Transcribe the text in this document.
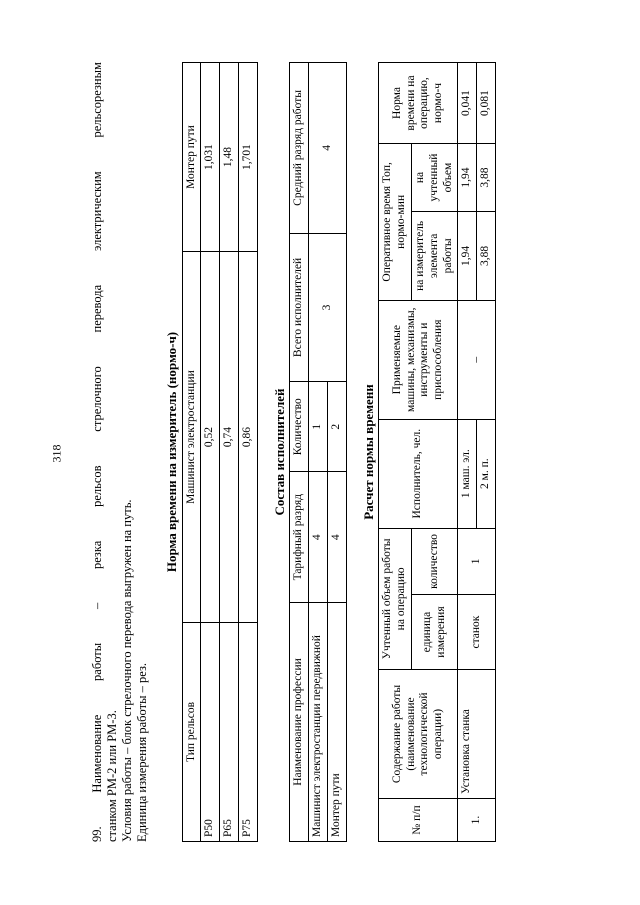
318
99.
Наименование
работы
–
резка
рельсов
стрелочного
перевода
электрическим
рельсорезным

станком РМ-2 или РМ-3. Условия работы – блок стрелочного перевода выгружен на путь. Единица измерения работы – рез.

Норма времени на измеритель (нормо-ч)
Тип рельсов	Машинист электростанции	Монтер пути
Р50	0,52	1,031
Р65	0,74	1,48
Р75	0,86	1,701
Состав исполнителей
Наименование профессии	Тарифный разряд	Количество	Всего исполнителей	Средний разряд работы
Машинист электростанции передвижной	4	1	3	4
Монтер пути	4	2		Расчет нормы времени
№ п/п	Содержание работы (наименование технологической операции)	Учтенный объем работы на операцию		Исполнитель, чел.	Применяемые машины, механизмы, инструменты и приспособления	Оперативное время Топ, нормо-мин		Норма времени на операцию, нормо-ч
		единица измерения	количество			на измеритель элемента работы	на учтенный объем	
1.	Установка станка	станок	1	1 маш. эл.	–	1,94	1,94	0,041
				2 м. п.		3,88	3,88	0,081
